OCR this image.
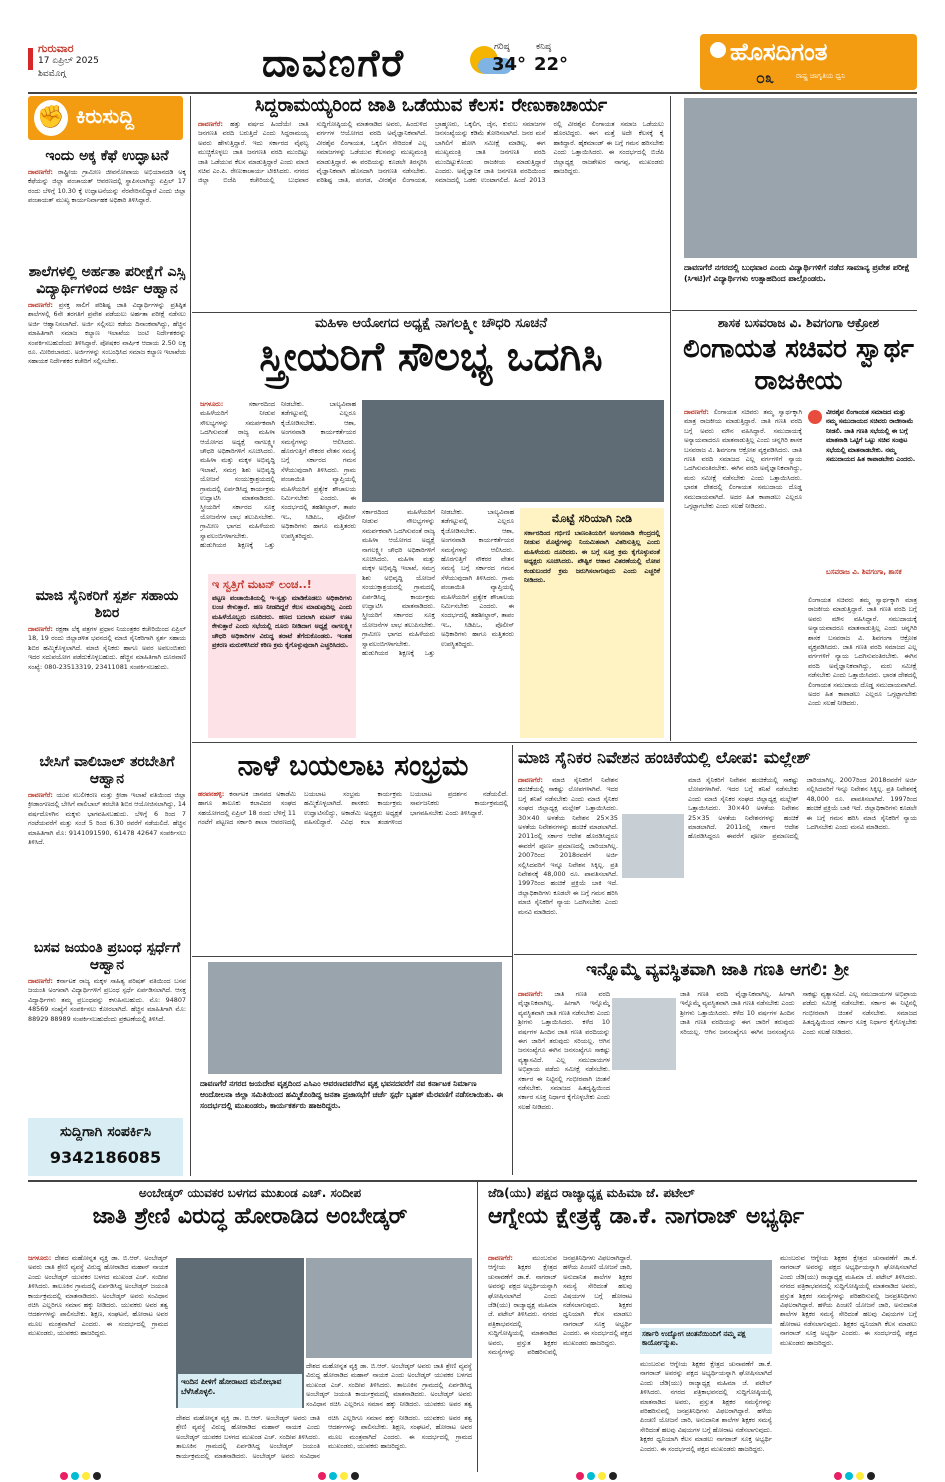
ಗುರುವಾರ
17 ಏಪ್ರಿಲ್ 2025
ಶಿವಮೊಗ್ಗ	ದಾವಣಗೆರೆ	ಗರಿಷ್ಠ
34°
ಕನಿಷ್ಠ
22°	ಹೊಸದಿಗಂತ
೦೩	ರಾಷ್ಟ್ರ ಜಾಗೃತಿಯ ಧ್ವನಿ
✊ ಕಿರುಸುದ್ದಿ
ಇಂದು ಅಕ್ಕ ಕೆಫೆ ಉದ್ಘಾಟನೆ
ದಾವಣಗೆರೆ: ರಾಷ್ಟ್ರೀಯ ಗ್ರಾಮೀಣ ಜೀವನೋಪಾಯ ಅಭಿಯಾನದಡಿ ಅಕ್ಕ ಕೆಫೆಯನ್ನು ಜಿಲ್ಲಾ ಪಂಚಾಯತ್ ಆವರಣದಲ್ಲಿ ಸ್ಥಾಪಿಸಲಾಗಿದ್ದು ಏಪ್ರಿಲ್ 17 ರಂದು ಬೆಳಿಗ್ಗೆ 10.30 ಕ್ಕೆ ಉದ್ಘಾಟನೆಯನ್ನು ನೆರವೇರಿಸಲಿದ್ದಾರೆ ಎಂದು ಜಿಲ್ಲಾ ಪಂಚಾಯತ್ ಮುಖ್ಯ ಕಾರ್ಯನಿರ್ವಾಹಕ ಅಧಿಕಾರಿ ತಿಳಿಸಿದ್ದಾರೆ.
ಶಾಲೆಗಳಲ್ಲಿ ಅರ್ಹತಾ ಪರೀಕ್ಷೆಗೆ ಎಸ್ಸಿ ವಿದ್ಯಾರ್ಥಿಗಳಿಂದ ಅರ್ಜಿ ಆಹ್ವಾನ
ದಾವಣಗೆರೆ: ಪ್ರಸಕ್ತ ಸಾಲಿಗೆ ಪರಿಶಿಷ್ಟ ಜಾತಿ ವಿದ್ಯಾರ್ಥಿಗಳನ್ನು ಪ್ರತಿಷ್ಠಿತ ಶಾಲೆಗಳಲ್ಲಿ 6ನೇ ತರಗತಿಗೆ ಪ್ರವೇಶ ಪಡೆಯಲು ಅರ್ಹತಾ ಪರೀಕ್ಷೆ ನಡೆಸಲು ಅರ್ಜಿ ಆಹ್ವಾನಿಸಲಾಗಿದೆ. ಅರ್ಜಿ ಸಲ್ಲಿಸಲು ಕಡೆಯ ದಿನಾಂಕವಾಗಿದ್ದು, ಹೆಚ್ಚಿನ ಮಾಹಿತಿಗಾಗಿ ಸಮಾಜ ಕಲ್ಯಾಣ ಇಲಾಖೆಯ ಜಂಟಿ ನಿರ್ದೇಶಕರನ್ನು ಸಂಪರ್ಕಿಸಬಹುದೆಂದು ತಿಳಿಸಿದ್ದಾರೆ. ಪೋಷಕರ ವಾರ್ಷಿಕ ಆದಾಯ 2.50 ಲಕ್ಷ ರೂ. ಮೀರಿರಬಾರದು. ಅರ್ಜಿಗಳನ್ನು ಸಂಬಂಧಿಸಿದ ಸಮಾಜ ಕಲ್ಯಾಣ ಇಲಾಖೆಯ ಸಹಾಯಕ ನಿರ್ದೇಶಕರ ಕಚೇರಿಗೆ ಸಲ್ಲಿಸಬೇಕು.
ಮಾಜಿ ಸೈನಿಕರಿಗೆ ಸ್ಪರ್ಶ ಸಹಾಯ ಶಿಬಿರ
ದಾವಣಗೆರೆ: ರಕ್ಷಣಾ ಲೆಕ್ಕ ಪತ್ರಗಳ ಪ್ರಧಾನ ನಿಯಂತ್ರಕರ ಕಚೇರಿಯಿಂದ ಏಪ್ರಿಲ್ 18, 19 ರಂದು ಜಿಲ್ಲಾಡಳಿತ ಭವನದಲ್ಲಿ ಮಾಜಿ ಸೈನಿಕರಿಗಾಗಿ ಸ್ಪರ್ಶ ಸಹಾಯ ಶಿಬಿರ ಹಮ್ಮಿಕೊಳ್ಳಲಾಗಿದೆ. ಮಾಜಿ ಸೈನಿಕರು ಹಾಗೂ ಅವರ ಅವಲಂಬಿತರು ಇದರ ಸದುಪಯೋಗ ಪಡೆದುಕೊಳ್ಳಬಹುದು. ಹೆಚ್ಚಿನ ಮಾಹಿತಿಗಾಗಿ ದೂರವಾಣಿ ಸಂಖ್ಯೆ: 080-23513319, 23411081 ಸಂಪರ್ಕಿಸಬಹುದು.
ಬೇಸಿಗೆ ವಾಲಿಬಾಲ್ ತರಬೇತಿಗೆ ಆಹ್ವಾನ
ದಾವಣಗೆರೆ: ಯುವ ಸಬಲೀಕರಣ ಮತ್ತು ಕ್ರೀಡಾ ಇಲಾಖೆ ವತಿಯಿಂದ ಜಿಲ್ಲಾ ಕ್ರೀಡಾಂಗಣದಲ್ಲಿ ಬೇಸಿಗೆ ವಾಲಿಬಾಲ್ ತರಬೇತಿ ಶಿಬಿರ ಆಯೋಜಿಸಲಾಗಿದ್ದು, 14 ವರ್ಷದೊಳಗಿನ ಮಕ್ಕಳು ಭಾಗವಹಿಸಬಹುದು. ಬೆಳಿಗ್ಗೆ 6 ರಿಂದ 7 ಗಂಟೆಯವರೆಗೆ ಮತ್ತು ಸಂಜೆ 5 ರಿಂದ 6.30 ರವರೆಗೆ ನಡೆಯಲಿದೆ. ಹೆಚ್ಚಿನ ಮಾಹಿತಿಗಾಗಿ ಮೊ: 9141091590, 61478 42647 ಸಂಪರ್ಕಿಸಲು ತಿಳಿಸಿದೆ.
ಬಸವ ಜಯಂತಿ ಪ್ರಬಂಧ ಸ್ಪರ್ಧೆಗೆ ಆಹ್ವಾನ
ದಾವಣಗೆರೆ: ಕರ್ನಾಟಕ ರಾಜ್ಯ ಮಕ್ಕಳ ಸಾಹಿತ್ಯ ಪರಿಷತ್ ವತಿಯಿಂದ ಬಸವ ಜಯಂತಿ ಅಂಗವಾಗಿ ವಿದ್ಯಾರ್ಥಿಗಳಿಗೆ ಪ್ರಬಂಧ ಸ್ಪರ್ಧೆ ಏರ್ಪಡಿಸಲಾಗಿದೆ. ಆಸಕ್ತ ವಿದ್ಯಾರ್ಥಿಗಳು ತಮ್ಮ ಪ್ರಬಂಧವನ್ನು ಕಳುಹಿಸಬಹುದು. ಮೊ: 94807 48569 ಸಂಖ್ಯೆಗೆ ಸಂಪರ್ಕಿಸಲು ಕೋರಲಾಗಿದೆ. ಹೆಚ್ಚಿನ ಮಾಹಿತಿಗಾಗಿ ಮೊ: 88929 88989 ಸಂಪರ್ಕಿಸಬಹುದೆಂದು ಪ್ರಕಟಣೆಯಲ್ಲಿ ತಿಳಿಸಿದೆ.
ಸುದ್ದಿಗಾಗಿ ಸಂಪರ್ಕಿಸಿ
9342186085
ಸಿದ್ದರಾಮಯ್ಯರಿಂದ ಜಾತಿ ಒಡೆಯುವ ಕೆಲಸ: ರೇಣುಕಾಚಾರ್ಯ
ದಾವಣಗೆರೆ: ಹತ್ತು ವರ್ಷದ ಹಿಂದೆಯೇ ಜಾತಿ ಜನಗಣತಿ ವರದಿ ಬರುತ್ತಿದೆ ಎಂದು ಸಿದ್ದರಾಮಯ್ಯ ಅವರು ಹೇಳುತ್ತಿದ್ದಾರೆ. ಇದು ಸರ್ಕಾರದ ವೈಫಲ್ಯ ಮುಚ್ಚಿಕೊಳ್ಳಲು ಜಾತಿ ಜನಗಣತಿ ವರದಿ ಮುಂದಿಟ್ಟು ಜಾತಿ ಒಡೆಯುವ ಕೆಲಸ ಮಾಡುತ್ತಿದ್ದಾರೆ ಎಂದು ಮಾಜಿ ಸಚಿವ ಎಂ.ಪಿ. ರೇಣುಕಾಚಾರ್ಯ ಟೀಕಿಸಿದರು. ನಗರದ ಜಿಲ್ಲಾ ಬಿಜೆಪಿ ಕಚೇರಿಯಲ್ಲಿ ಬುಧವಾರ ಸುದ್ದಿಗೋಷ್ಠಿಯಲ್ಲಿ ಮಾತನಾಡಿದ ಅವರು, ಹಿಂದುಳಿದ ವರ್ಗಗಳ ಆಯೋಗದ ವರದಿ ಅವೈಜ್ಞಾನಿಕವಾಗಿದೆ. ವೀರಶೈವ ಲಿಂಗಾಯತ, ಒಕ್ಕಲಿಗ ಸೇರಿದಂತೆ ಎಲ್ಲ ಸಮಾಜಗಳನ್ನು ಒಡೆಯುವ ಕೆಲಸವನ್ನು ಮುಖ್ಯಮಂತ್ರಿ ಮಾಡುತ್ತಿದ್ದಾರೆ. ಈ ವರದಿಯನ್ನು ಕೂಡಲೇ ತಿರಸ್ಕರಿಸಿ ವೈಜ್ಞಾನಿಕವಾಗಿ ಹೊಸದಾಗಿ ಜನಗಣತಿ ನಡೆಸಬೇಕು. ಪರಿಶಿಷ್ಟ ಜಾತಿ, ಪಂಗಡ, ವೀರಶೈವ ಲಿಂಗಾಯತ, ಬ್ರಾಹ್ಮಣರು, ಒಕ್ಕಲಿಗ, ಜೈನ, ಕುರುಬ ಸಮಾಜಗಳ ಜನಸಂಖ್ಯೆಯನ್ನು ಕಡಿಮೆ ತೋರಿಸಲಾಗಿದೆ. ಜನರ ಮನೆ ಬಾಗಿಲಿಗೆ ಹೋಗಿ ಸಮೀಕ್ಷೆ ಮಾಡಿಲ್ಲ. ಈಗ ಮುಖ್ಯಮಂತ್ರಿ ಜಾತಿ ಜನಗಣತಿ ವರದಿ ಮುಂದಿಟ್ಟುಕೊಂಡು ರಾಜಕೀಯ ಮಾಡುತ್ತಿದ್ದಾರೆ ಎಂದರು. ಅವೈಜ್ಞಾನಿಕ ಜಾತಿ ಜನಗಣತಿ ವರದಿಯಿಂದ ಸಮಾಜದಲ್ಲಿ ಒಡಕು ಉಂಟಾಗಲಿದೆ. ಹಿಂದೆ 2013 ರಲ್ಲಿ ವೀರಶೈವ ಲಿಂಗಾಯತ ಸಮಾಜ ಒಡೆಯಲು ಹೊರಟಿದ್ದರು. ಈಗ ಮತ್ತೆ ಅದೇ ಕೆಲಸಕ್ಕೆ ಕೈ ಹಾಕಿದ್ದಾರೆ. ಹೈಕಮಾಂಡ್ ಈ ಬಗ್ಗೆ ಗಮನ ಹರಿಸಬೇಕು ಎಂದು ಒತ್ತಾಯಿಸಿದರು. ಈ ಸಂದರ್ಭದಲ್ಲಿ ಬಿಜೆಪಿ ಜಿಲ್ಲಾಧ್ಯಕ್ಷ ರಾಜಶೇಖರ ನಾಗಪ್ಪ, ಮುಖಂಡರು ಹಾಜರಿದ್ದರು.
ದಾವಣಗೆರೆ ನಗರದಲ್ಲಿ ಬುಧವಾರ ಎಂದು ವಿದ್ಯಾರ್ಥಿಗಳಿಗೆ ನಡೆದ ಸಾಮಾನ್ಯ ಪ್ರವೇಶ ಪರೀಕ್ಷೆ (ಸಿಇಟಿ)ಗೆ ವಿದ್ಯಾರ್ಥಿಗಳು ಉತ್ಸಾಹದಿಂದ ಪಾಲ್ಗೊಂಡರು.
ಮಹಿಳಾ ಆಯೋಗದ ಅಧ್ಯಕ್ಷೆ ನಾಗಲಕ್ಷ್ಮೀ ಚೌಧರಿ ಸೂಚನೆ
ಸ್ತ್ರೀಯರಿಗೆ ಸೌಲಭ್ಯ ಒದಗಿಸಿ
ಜಗಳೂರು:	ಸರ್ಕಾರದಿಂದ ಮಹಿಳೆಯರಿಗೆ ನೀಡುವ ಸೌಲಭ್ಯಗಳನ್ನು ಸಮರ್ಪಕವಾಗಿ ಒದಗಿಸುವಂತೆ ರಾಜ್ಯ ಮಹಿಳಾ ಆಯೋಗದ ಅಧ್ಯಕ್ಷೆ ನಾಗಲಕ್ಷ್ಮೀ ಚೌಧರಿ ಅಧಿಕಾರಿಗಳಿಗೆ ಸೂಚಿಸಿದರು. ಮಹಿಳಾ ಮತ್ತು ಮಕ್ಕಳ ಅಭಿವೃದ್ಧಿ ಇಲಾಖೆ, ಸಮಗ್ರ ಶಿಶು ಅಭಿವೃದ್ಧಿ ಯೋಜನೆ ಸಂಯುಕ್ತಾಶ್ರಯದಲ್ಲಿ ಗ್ರಾಮದಲ್ಲಿ ಏರ್ಪಡಿಸಿದ್ದ ಕಾರ್ಯಕ್ರಮ ಉದ್ಘಾಟಿಸಿ ಮಾತನಾಡಿದರು. ಸ್ತ್ರೀಯರಿಗೆ ಸರ್ಕಾರದ ಸೂಕ್ತ ಯೋಜನೆಗಳ ಲಾಭ ತಲುಪಿಸಬೇಕು. ಗ್ರಾಮೀಣ ಭಾಗದ ಮಹಿಳೆಯರು ಸ್ವಾವಲಂಬಿಗಳಾಗಬೇಕು. ಹುಡುಗಿಯರ ಶಿಕ್ಷಣಕ್ಕೆ ಒತ್ತು ನೀಡಬೇಕು. ಬಾಲ್ಯವಿವಾಹ ತಡೆಗಟ್ಟುವಲ್ಲಿ ಎಲ್ಲರೂ ಕೈಜೋಡಿಸಬೇಕು. ಆಶಾ, ಅಂಗನವಾಡಿ ಕಾರ್ಯಕರ್ತೆಯರ ಸಮಸ್ಯೆಗಳನ್ನು ಆಲಿಸಿದರು. ಹೊರಗುತ್ತಿಗೆ ನೌಕರರ ವೇತನ ಸಮಸ್ಯೆ ಬಗ್ಗೆ ಸರ್ಕಾರದ ಗಮನ ಸೆಳೆಯುವುದಾಗಿ ತಿಳಿಸಿದರು. ಗ್ರಾಮ ಪಂಚಾಯಿತಿ ವ್ಯಾಪ್ತಿಯಲ್ಲಿ ಮಹಿಳೆಯರಿಗೆ ಪ್ರತ್ಯೇಕ ಶೌಚಾಲಯ ನಿರ್ಮಿಸಬೇಕು ಎಂದರು. ಈ ಸಂದರ್ಭದಲ್ಲಿ ತಹಶೀಲ್ದಾರ್, ತಾಪಂ ಇಒ, ಸಿಡಿಪಿಒ, ಪೊಲೀಸ್ ಅಧಿಕಾರಿಗಳು ಹಾಗೂ ಮತ್ತಿತರರು ಉಪಸ್ಥಿತರಿದ್ದರು.
ಇ ಸ್ವತ್ತಿಗೆ ಮಟನ್ ಲಂಚ..!
ಪಟ್ಟಣ ಪಂಚಾಯಿತಿಯಲ್ಲಿ ಇ-ಸ್ವತ್ತು ಮಾಡಿಕೊಡಲು ಅಧಿಕಾರಿಗಳು ಲಂಚ ಕೇಳುತ್ತಾರೆ. ಹಣ ನೀಡದಿದ್ದರೆ ಕೆಲಸ ಮಾಡುವುದಿಲ್ಲ ಎಂದು ಮಹಿಳೆಯೊಬ್ಬರು ದೂರಿದರು. ಹಣದ ಬದಲಾಗಿ ಮಟನ್ ಊಟ ಕೇಳುತ್ತಾರೆ ಎಂದು ಸಭೆಯಲ್ಲಿ ದೂರು ನೀಡಿದಾಗ ಅಧ್ಯಕ್ಷೆ ನಾಗಲಕ್ಷ್ಮೀ ಚೌಧರಿ ಅಧಿಕಾರಿಗಳ ವಿರುದ್ಧ ತರಾಟೆ ತೆಗೆದುಕೊಂಡರು. ಇಂತಹ ಪ್ರಕರಣ ಮರುಕಳಿಸಿದರೆ ಕಠಿಣ ಕ್ರಮ ಕೈಗೊಳ್ಳುವುದಾಗಿ ಎಚ್ಚರಿಸಿದರು.
ಮೊಟ್ಟೆ ಸರಿಯಾಗಿ ನೀಡಿ
ಸರ್ಕಾರದಿಂದ ಗರ್ಭಿಣಿ ಬಾಣಂತಿಯರಿಗೆ ಅಂಗನವಾಡಿ ಕೇಂದ್ರದಲ್ಲಿ ನೀಡುವ ಮೊಟ್ಟೆಗಳನ್ನು ನಿಯಮಿತವಾಗಿ ವಿತರಿಸುತ್ತಿಲ್ಲ ಎಂದು ಮಹಿಳೆಯರು ದೂರಿದರು. ಈ ಬಗ್ಗೆ ಸೂಕ್ತ ಕ್ರಮ ಕೈಗೊಳ್ಳುವಂತೆ ಅಧ್ಯಕ್ಷರು ಸೂಚಿಸಿದರು. ಪೌಷ್ಟಿಕ ಆಹಾರ ವಿತರಣೆಯಲ್ಲಿ ಲೋಪ ಕಂಡುಬಂದರೆ ಕ್ರಮ ಜರುಗಿಸಲಾಗುವುದು ಎಂದು ಎಚ್ಚರಿಕೆ ನೀಡಿದರು.
ಸರ್ಕಾರದಿಂದ ಮಹಿಳೆಯರಿಗೆ ನೀಡುವ ಸೌಲಭ್ಯಗಳನ್ನು ಸಮರ್ಪಕವಾಗಿ ಒದಗಿಸುವಂತೆ ರಾಜ್ಯ ಮಹಿಳಾ ಆಯೋಗದ ಅಧ್ಯಕ್ಷೆ ನಾಗಲಕ್ಷ್ಮೀ ಚೌಧರಿ ಅಧಿಕಾರಿಗಳಿಗೆ ಸೂಚಿಸಿದರು. ಮಹಿಳಾ ಮತ್ತು ಮಕ್ಕಳ ಅಭಿವೃದ್ಧಿ ಇಲಾಖೆ, ಸಮಗ್ರ ಶಿಶು ಅಭಿವೃದ್ಧಿ ಯೋಜನೆ ಸಂಯುಕ್ತಾಶ್ರಯದಲ್ಲಿ ಗ್ರಾಮದಲ್ಲಿ ಏರ್ಪಡಿಸಿದ್ದ ಕಾರ್ಯಕ್ರಮ ಉದ್ಘಾಟಿಸಿ ಮಾತನಾಡಿದರು. ಸ್ತ್ರೀಯರಿಗೆ ಸರ್ಕಾರದ ಸೂಕ್ತ ಯೋಜನೆಗಳ ಲಾಭ ತಲುಪಿಸಬೇಕು. ಗ್ರಾಮೀಣ ಭಾಗದ ಮಹಿಳೆಯರು ಸ್ವಾವಲಂಬಿಗಳಾಗಬೇಕು. ಹುಡುಗಿಯರ ಶಿಕ್ಷಣಕ್ಕೆ ಒತ್ತು ನೀಡಬೇಕು. ಬಾಲ್ಯವಿವಾಹ ತಡೆಗಟ್ಟುವಲ್ಲಿ ಎಲ್ಲರೂ ಕೈಜೋಡಿಸಬೇಕು. ಆಶಾ, ಅಂಗನವಾಡಿ ಕಾರ್ಯಕರ್ತೆಯರ ಸಮಸ್ಯೆಗಳನ್ನು ಆಲಿಸಿದರು. ಹೊರಗುತ್ತಿಗೆ ನೌಕರರ ವೇತನ ಸಮಸ್ಯೆ ಬಗ್ಗೆ ಸರ್ಕಾರದ ಗಮನ ಸೆಳೆಯುವುದಾಗಿ ತಿಳಿಸಿದರು. ಗ್ರಾಮ ಪಂಚಾಯಿತಿ ವ್ಯಾಪ್ತಿಯಲ್ಲಿ ಮಹಿಳೆಯರಿಗೆ ಪ್ರತ್ಯೇಕ ಶೌಚಾಲಯ ನಿರ್ಮಿಸಬೇಕು ಎಂದರು. ಈ ಸಂದರ್ಭದಲ್ಲಿ ತಹಶೀಲ್ದಾರ್, ತಾಪಂ ಇಒ, ಸಿಡಿಪಿಒ, ಪೊಲೀಸ್ ಅಧಿಕಾರಿಗಳು ಹಾಗೂ ಮತ್ತಿತರರು ಉಪಸ್ಥಿತರಿದ್ದರು.
ಶಾಸಕ ಬಸವರಾಜ ವಿ. ಶಿವಗಂಗಾ ಆಕ್ರೋಶ
ಲಿಂಗಾಯತ ಸಚಿವರ ಸ್ವಾರ್ಥ ರಾಜಕೀಯ
ದಾವಣಗೆರೆ: ಲಿಂಗಾಯತ ಸಚಿವರು ತಮ್ಮ ಸ್ವಾರ್ಥಕ್ಕಾಗಿ ಮಾತ್ರ ರಾಜಕೀಯ ಮಾಡುತ್ತಿದ್ದಾರೆ. ಜಾತಿ ಗಣತಿ ವರದಿ ಬಗ್ಗೆ ಅವರು ಮೌನ ವಹಿಸಿದ್ದಾರೆ. ಸಮುದಾಯಕ್ಕೆ ಅನ್ಯಾಯವಾದರೂ ಮಾತನಾಡುತ್ತಿಲ್ಲ ಎಂದು ಚನ್ನಗಿರಿ ಶಾಸಕ ಬಸವರಾಜ ವಿ. ಶಿವಗಂಗಾ ಆಕ್ರೋಶ ವ್ಯಕ್ತಪಡಿಸಿದರು. ಜಾತಿ ಗಣತಿ ವರದಿ ಸಮಾಜದ ಎಲ್ಲ ವರ್ಗಗಳಿಗೆ ನ್ಯಾಯ ಒದಗಿಸುವಂತಿರಬೇಕು. ಈಗಿನ ವರದಿ ಅವೈಜ್ಞಾನಿಕವಾಗಿದ್ದು, ಮರು ಸಮೀಕ್ಷೆ ನಡೆಸಬೇಕು ಎಂದು ಒತ್ತಾಯಿಸಿದರು. ಭಾರತ ದೇಶದಲ್ಲಿ ಲಿಂಗಾಯತ ಸಮುದಾಯ ದೊಡ್ಡ ಸಮುದಾಯವಾಗಿದೆ. ಅದರ ಹಿತ ಕಾಪಾಡಲು ಎಲ್ಲರೂ ಒಗ್ಗಟ್ಟಾಗಬೇಕು ಎಂದು ಸಲಹೆ ನೀಡಿದರು.
ವೀರಶೈವ ಲಿಂಗಾಯತ ಸಮಾಜದ ಮತ್ತು ನಮ್ಮ ಸಮುದಾಯದ ಸಚಿವರು ರಾಜೀನಾಮೆ ನೀಡಲಿ. ಜಾತಿ ಗಣತಿ ಸಭೆಯಲ್ಲಿ ಈ ಬಗ್ಗೆ ಮಾತನಾಡಿ ಒಟ್ಟಿಗೆ ಒಟ್ಟು ಸಚಿವ ಸಂಪುಟ ಸಭೆಯಲ್ಲಿ ಮಾತನಾಡಬೇಕು. ನಮ್ಮ ಸಮುದಾಯದ ಹಿತ ಕಾಪಾಡಬೇಕು ಎಂದರು.
ಬಸವರಾಜ ವಿ. ಶಿವಗಂಗಾ, ಶಾಸಕ
ಲಿಂಗಾಯತ ಸಚಿವರು ತಮ್ಮ ಸ್ವಾರ್ಥಕ್ಕಾಗಿ ಮಾತ್ರ ರಾಜಕೀಯ ಮಾಡುತ್ತಿದ್ದಾರೆ. ಜಾತಿ ಗಣತಿ ವರದಿ ಬಗ್ಗೆ ಅವರು ಮೌನ ವಹಿಸಿದ್ದಾರೆ. ಸಮುದಾಯಕ್ಕೆ ಅನ್ಯಾಯವಾದರೂ ಮಾತನಾಡುತ್ತಿಲ್ಲ ಎಂದು ಚನ್ನಗಿರಿ ಶಾಸಕ ಬಸವರಾಜ ವಿ. ಶಿವಗಂಗಾ ಆಕ್ರೋಶ ವ್ಯಕ್ತಪಡಿಸಿದರು. ಜಾತಿ ಗಣತಿ ವರದಿ ಸಮಾಜದ ಎಲ್ಲ ವರ್ಗಗಳಿಗೆ ನ್ಯಾಯ ಒದಗಿಸುವಂತಿರಬೇಕು. ಈಗಿನ ವರದಿ ಅವೈಜ್ಞಾನಿಕವಾಗಿದ್ದು, ಮರು ಸಮೀಕ್ಷೆ ನಡೆಸಬೇಕು ಎಂದು ಒತ್ತಾಯಿಸಿದರು. ಭಾರತ ದೇಶದಲ್ಲಿ ಲಿಂಗಾಯತ ಸಮುದಾಯ ದೊಡ್ಡ ಸಮುದಾಯವಾಗಿದೆ. ಅದರ ಹಿತ ಕಾಪಾಡಲು ಎಲ್ಲರೂ ಒಗ್ಗಟ್ಟಾಗಬೇಕು ಎಂದು ಸಲಹೆ ನೀಡಿದರು.
ನಾಳೆ ಬಯಲಾಟ ಸಂಭ್ರಮ
ಹರಪನಹಳ್ಳಿ: ಕರ್ನಾಟಕ ಜಾನಪದ ಅಕಾಡೆಮಿ ಹಾಗೂ ತಾಲೂಕು ಕಲಾವಿದರ ಸಂಘದ ಸಹಯೋಗದಲ್ಲಿ ಏಪ್ರಿಲ್ 18 ರಂದು ಬೆಳಿಗ್ಗೆ 11 ಗಂಟೆಗೆ ಪಟ್ಟಣದ ಸರ್ಕಾರಿ ಶಾಲಾ ಆವರಣದಲ್ಲಿ ಬಯಲಾಟ ಸಂಭ್ರಮ ಕಾರ್ಯಕ್ರಮ ಹಮ್ಮಿಕೊಳ್ಳಲಾಗಿದೆ. ಶಾಸಕರು ಕಾರ್ಯಕ್ರಮ ಉದ್ಘಾಟಿಸಲಿದ್ದು, ಅಕಾಡೆಮಿ ಅಧ್ಯಕ್ಷರು ಅಧ್ಯಕ್ಷತೆ ವಹಿಸಲಿದ್ದಾರೆ. ವಿವಿಧ ಕಲಾ ತಂಡಗಳಿಂದ ಬಯಲಾಟ ಪ್ರದರ್ಶನ ನಡೆಯಲಿದೆ. ಸಾರ್ವಜನಿಕರು ಕಾರ್ಯಕ್ರಮದಲ್ಲಿ ಭಾಗವಹಿಸಬೇಕು ಎಂದು ತಿಳಿಸಿದ್ದಾರೆ.
ಮಾಜಿ ಸೈನಿಕರ ನಿವೇಶನ ಹಂಚಿಕೆಯಲ್ಲಿ ಲೋಪ: ಮಲ್ಲೇಶ್
ದಾವಣಗೆರೆ: ಮಾಜಿ ಸೈನಿಕರಿಗೆ ನಿವೇಶನ ಹಂಚಿಕೆಯಲ್ಲಿ ಸಾಕಷ್ಟು ಲೋಪಗಳಾಗಿವೆ. ಇದರ ಬಗ್ಗೆ ತನಿಖೆ ನಡೆಸಬೇಕು ಎಂದು ಮಾಜಿ ಸೈನಿಕರ ಸಂಘದ ಜಿಲ್ಲಾಧ್ಯಕ್ಷ ಮಲ್ಲೇಶ್ ಒತ್ತಾಯಿಸಿದರು. 30×40 ಅಳತೆಯ ನಿವೇಶನ 25×35 ಅಳತೆಯ ನಿವೇಶನಗಳನ್ನು ಹಂಚಿಕೆ ಮಾಡಲಾಗಿದೆ. 2011ರಲ್ಲಿ ಸರ್ಕಾರ ಆದೇಶ ಹೊರಡಿಸಿದ್ದರೂ ಈವರೆಗೆ ಪೂರ್ಣ ಪ್ರಮಾಣದಲ್ಲಿ ಜಾರಿಯಾಗಿಲ್ಲ. 2007ರಿಂದ 2018ರವರೆಗೆ ಅರ್ಜಿ ಸಲ್ಲಿಸಿದವರಿಗೆ ಇನ್ನೂ ನಿವೇಶನ ಸಿಕ್ಕಿಲ್ಲ. ಪ್ರತಿ ನಿವೇಶನಕ್ಕೆ 48,000 ರೂ. ಪಾವತಿಸಲಾಗಿದೆ. 1997ರಿಂದ ಹಂಚಿಕೆ ಪ್ರಕ್ರಿಯೆ ಬಾಕಿ ಇದೆ. ಜಿಲ್ಲಾಧಿಕಾರಿಗಳು ಕೂಡಲೇ ಈ ಬಗ್ಗೆ ಗಮನ ಹರಿಸಿ ಮಾಜಿ ಸೈನಿಕರಿಗೆ ನ್ಯಾಯ ಒದಗಿಸಬೇಕು ಎಂದು ಮನವಿ ಮಾಡಿದರು.
ಮಾಜಿ ಸೈನಿಕರಿಗೆ ನಿವೇಶನ ಹಂಚಿಕೆಯಲ್ಲಿ ಸಾಕಷ್ಟು ಲೋಪಗಳಾಗಿವೆ. ಇದರ ಬಗ್ಗೆ ತನಿಖೆ ನಡೆಸಬೇಕು ಎಂದು ಮಾಜಿ ಸೈನಿಕರ ಸಂಘದ ಜಿಲ್ಲಾಧ್ಯಕ್ಷ ಮಲ್ಲೇಶ್ ಒತ್ತಾಯಿಸಿದರು. 30×40 ಅಳತೆಯ ನಿವೇಶನ 25×35 ಅಳತೆಯ ನಿವೇಶನಗಳನ್ನು ಹಂಚಿಕೆ ಮಾಡಲಾಗಿದೆ. 2011ರಲ್ಲಿ ಸರ್ಕಾರ ಆದೇಶ ಹೊರಡಿಸಿದ್ದರೂ ಈವರೆಗೆ ಪೂರ್ಣ ಪ್ರಮಾಣದಲ್ಲಿ ಜಾರಿಯಾಗಿಲ್ಲ. 2007ರಿಂದ 2018ರವರೆಗೆ ಅರ್ಜಿ ಸಲ್ಲಿಸಿದವರಿಗೆ ಇನ್ನೂ ನಿವೇಶನ ಸಿಕ್ಕಿಲ್ಲ. ಪ್ರತಿ ನಿವೇಶನಕ್ಕೆ 48,000 ರೂ. ಪಾವತಿಸಲಾಗಿದೆ. 1997ರಿಂದ ಹಂಚಿಕೆ ಪ್ರಕ್ರಿಯೆ ಬಾಕಿ ಇದೆ. ಜಿಲ್ಲಾಧಿಕಾರಿಗಳು ಕೂಡಲೇ ಈ ಬಗ್ಗೆ ಗಮನ ಹರಿಸಿ ಮಾಜಿ ಸೈನಿಕರಿಗೆ ನ್ಯಾಯ ಒದಗಿಸಬೇಕು ಎಂದು ಮನವಿ ಮಾಡಿದರು.
ದಾವಣಗೆರೆ ನಗರದ ಜಯದೇವ ವೃತ್ತದಿಂದ ಎಸಿಎಂ ಆವರಣದವರೆಗಿನ ವೃತ್ತ ಭವನದವರೆಗೆ ನವ ಕರ್ನಾಟಕ ನಿರ್ಮಾಣ ಆಂದೋಲನಾ ಜಿಲ್ಲಾ ಸಮಿತಿಯಿಂದ ಹಮ್ಮಿಕೊಂಡಿದ್ದ ಜನತಾ ಪ್ರಜಾಸಭೆಗೆ ಚರ್ಚೆ ಸ್ಪರ್ಧೆ ಬೃಹತ್ ಮೆರವಣಿಗೆ ನಡೆಸಲಾಯಿತು. ಈ ಸಂದರ್ಭದಲ್ಲಿ ಮುಖಂಡರು, ಕಾರ್ಯಕರ್ತರು ಹಾಜರಿದ್ದರು.
ಇನ್ನೊಮ್ಮೆ ವ್ಯವಸ್ಥಿತವಾಗಿ ಜಾತಿ ಗಣತಿ ಆಗಲಿ: ಶ್ರೀ
ದಾವಣಗೆರೆ: ಜಾತಿ ಗಣತಿ ವರದಿ ವೈಜ್ಞಾನಿಕವಾಗಿಲ್ಲ. ಹೀಗಾಗಿ ಇನ್ನೊಮ್ಮೆ ವ್ಯವಸ್ಥಿತವಾಗಿ ಜಾತಿ ಗಣತಿ ನಡೆಸಬೇಕು ಎಂದು ಶ್ರೀಗಳು ಒತ್ತಾಯಿಸಿದರು. ಕಳೆದ 10 ವರ್ಷಗಳ ಹಿಂದಿನ ಜಾತಿ ಗಣತಿ ವರದಿಯನ್ನು ಈಗ ಜಾರಿಗೆ ತರುವುದು ಸರಿಯಲ್ಲ. ಆಗಿನ ಜನಸಂಖ್ಯೆಗೂ ಈಗಿನ ಜನಸಂಖ್ಯೆಗೂ ಸಾಕಷ್ಟು ವ್ಯತ್ಯಾಸವಿದೆ. ಎಲ್ಲ ಸಮುದಾಯಗಳ ಅಭಿಪ್ರಾಯ ಪಡೆದು ಸಮೀಕ್ಷೆ ನಡೆಸಬೇಕು. ಸರ್ಕಾರ ಈ ನಿಟ್ಟಿನಲ್ಲಿ ಗಂಭೀರವಾಗಿ ಚಿಂತನೆ ನಡೆಸಬೇಕು. ಸಮಾಜದ ಹಿತದೃಷ್ಟಿಯಿಂದ ಸರ್ಕಾರ ಸೂಕ್ತ ನಿರ್ಧಾರ ಕೈಗೊಳ್ಳಬೇಕು ಎಂದು ಸಲಹೆ ನೀಡಿದರು.
ಜಾತಿ ಗಣತಿ ವರದಿ ವೈಜ್ಞಾನಿಕವಾಗಿಲ್ಲ. ಹೀಗಾಗಿ ಇನ್ನೊಮ್ಮೆ ವ್ಯವಸ್ಥಿತವಾಗಿ ಜಾತಿ ಗಣತಿ ನಡೆಸಬೇಕು ಎಂದು ಶ್ರೀಗಳು ಒತ್ತಾಯಿಸಿದರು. ಕಳೆದ 10 ವರ್ಷಗಳ ಹಿಂದಿನ ಜಾತಿ ಗಣತಿ ವರದಿಯನ್ನು ಈಗ ಜಾರಿಗೆ ತರುವುದು ಸರಿಯಲ್ಲ. ಆಗಿನ ಜನಸಂಖ್ಯೆಗೂ ಈಗಿನ ಜನಸಂಖ್ಯೆಗೂ ಸಾಕಷ್ಟು ವ್ಯತ್ಯಾಸವಿದೆ. ಎಲ್ಲ ಸಮುದಾಯಗಳ ಅಭಿಪ್ರಾಯ ಪಡೆದು ಸಮೀಕ್ಷೆ ನಡೆಸಬೇಕು. ಸರ್ಕಾರ ಈ ನಿಟ್ಟಿನಲ್ಲಿ ಗಂಭೀರವಾಗಿ ಚಿಂತನೆ ನಡೆಸಬೇಕು. ಸಮಾಜದ ಹಿತದೃಷ್ಟಿಯಿಂದ ಸರ್ಕಾರ ಸೂಕ್ತ ನಿರ್ಧಾರ ಕೈಗೊಳ್ಳಬೇಕು ಎಂದು ಸಲಹೆ ನೀಡಿದರು.
ಅಂಬೇಡ್ಕರ್ ಯುವಕರ ಬಳಗದ ಮುಖಂಡ ಎಚ್. ಸಂದೀಪ
ಜಾತಿ ಶ್ರೇಣಿ ವಿರುದ್ಧ ಹೋರಾಡಿದ ಅಂಬೇಡ್ಕರ್
ಜಗಳೂರು: ದೇಶದ ಮಹೋನ್ನತ ವ್ಯಕ್ತಿ ಡಾ. ಬಿ.ಆರ್. ಅಂಬೇಡ್ಕರ್ ಅವರು ಜಾತಿ ಶ್ರೇಣಿ ವ್ಯವಸ್ಥೆ ವಿರುದ್ಧ ಹೋರಾಡಿದ ಮಹಾನ್ ನಾಯಕ ಎಂದು ಅಂಬೇಡ್ಕರ್ ಯುವಕರ ಬಳಗದ ಮುಖಂಡ ಎಚ್. ಸಂದೀಪ ತಿಳಿಸಿದರು. ತಾಲೂಕಿನ ಗ್ರಾಮದಲ್ಲಿ ಏರ್ಪಡಿಸಿದ್ದ ಅಂಬೇಡ್ಕರ್ ಜಯಂತಿ ಕಾರ್ಯಕ್ರಮದಲ್ಲಿ ಮಾತನಾಡಿದರು. ಅಂಬೇಡ್ಕರ್ ಅವರು ಸಂವಿಧಾನ ರಚಿಸಿ ಎಲ್ಲರಿಗೂ ಸಮಾನ ಹಕ್ಕು ನೀಡಿದರು. ಯುವಕರು ಅವರ ತತ್ವ ಆದರ್ಶಗಳನ್ನು ಪಾಲಿಸಬೇಕು. ಶಿಕ್ಷಣ, ಸಂಘಟನೆ, ಹೋರಾಟ ಅವರ ಮೂಲ ಮಂತ್ರವಾಗಿದೆ ಎಂದರು. ಈ ಸಂದರ್ಭದಲ್ಲಿ ಗ್ರಾಮದ ಮುಖಂಡರು, ಯುವಕರು ಹಾಜರಿದ್ದರು.
ಇಂದಿನ ಪೀಳಿಗೆ ಹೋರಾಟದ ಮನೋಭಾವ ಬೆಳೆಸಿಕೊಳ್ಳಲಿ.
ದೇಶದ ಮಹೋನ್ನತ ವ್ಯಕ್ತಿ ಡಾ. ಬಿ.ಆರ್. ಅಂಬೇಡ್ಕರ್ ಅವರು ಜಾತಿ ಶ್ರೇಣಿ ವ್ಯವಸ್ಥೆ ವಿರುದ್ಧ ಹೋರಾಡಿದ ಮಹಾನ್ ನಾಯಕ ಎಂದು ಅಂಬೇಡ್ಕರ್ ಯುವಕರ ಬಳಗದ ಮುಖಂಡ ಎಚ್. ಸಂದೀಪ ತಿಳಿಸಿದರು. ತಾಲೂಕಿನ ಗ್ರಾಮದಲ್ಲಿ ಏರ್ಪಡಿಸಿದ್ದ ಅಂಬೇಡ್ಕರ್ ಜಯಂತಿ ಕಾರ್ಯಕ್ರಮದಲ್ಲಿ ಮಾತನಾಡಿದರು. ಅಂಬೇಡ್ಕರ್ ಅವರು ಸಂವಿಧಾನ ರಚಿಸಿ ಎಲ್ಲರಿಗೂ ಸಮಾನ ಹಕ್ಕು ನೀಡಿದರು. ಯುವಕರು ಅವರ ತತ್ವ ಆದರ್ಶಗಳನ್ನು ಪಾಲಿಸಬೇಕು. ಶಿಕ್ಷಣ, ಸಂಘಟನೆ, ಹೋರಾಟ ಅವರ ಮೂಲ ಮಂತ್ರವಾಗಿದೆ ಎಂದರು. ಈ ಸಂದರ್ಭದಲ್ಲಿ ಗ್ರಾಮದ ಮುಖಂಡರು, ಯುವಕರು ಹಾಜರಿದ್ದರು.
ದೇಶದ ಮಹೋನ್ನತ ವ್ಯಕ್ತಿ ಡಾ. ಬಿ.ಆರ್. ಅಂಬೇಡ್ಕರ್ ಅವರು ಜಾತಿ ಶ್ರೇಣಿ ವ್ಯವಸ್ಥೆ ವಿರುದ್ಧ ಹೋರಾಡಿದ ಮಹಾನ್ ನಾಯಕ ಎಂದು ಅಂಬೇಡ್ಕರ್ ಯುವಕರ ಬಳಗದ ಮುಖಂಡ ಎಚ್. ಸಂದೀಪ ತಿಳಿಸಿದರು. ತಾಲೂಕಿನ ಗ್ರಾಮದಲ್ಲಿ ಏರ್ಪಡಿಸಿದ್ದ ಅಂಬೇಡ್ಕರ್ ಜಯಂತಿ ಕಾರ್ಯಕ್ರಮದಲ್ಲಿ ಮಾತನಾಡಿದರು. ಅಂಬೇಡ್ಕರ್ ಅವರು ಸಂವಿಧಾನ ರಚಿಸಿ ಎಲ್ಲರಿಗೂ ಸಮಾನ ಹಕ್ಕು ನೀಡಿದರು. ಯುವಕರು ಅವರ ತತ್ವ
ಜೆಡಿ(ಯು) ಪಕ್ಷದ ರಾಜ್ಯಾಧ್ಯಕ್ಷ ಮಹಿಮಾ ಜೆ. ಪಟೇಲ್
ಆಗ್ನೇಯ ಕ್ಷೇತ್ರಕ್ಕೆ ಡಾ.ಕೆ. ನಾಗರಾಜ್ ಅಭ್ಯರ್ಥಿ
ದಾವಣಗೆರೆ:	ಮುಂಬರುವ ಆಗ್ನೇಯ ಶಿಕ್ಷಕರ ಕ್ಷೇತ್ರದ ಚುನಾವಣೆಗೆ ಡಾ.ಕೆ. ನಾಗರಾಜ್ ಅವರನ್ನು ಪಕ್ಷದ ಅಭ್ಯರ್ಥಿಯನ್ನಾಗಿ ಘೋಷಿಸಲಾಗಿದೆ ಎಂದು ಜೆಡಿ(ಯು) ರಾಜ್ಯಾಧ್ಯಕ್ಷ ಮಹಿಮಾ ಜೆ. ಪಟೇಲ್ ತಿಳಿಸಿದರು. ನಗರದ ಪತ್ರಿಕಾಭವನದಲ್ಲಿ ಸುದ್ದಿಗೋಷ್ಠಿಯಲ್ಲಿ ಮಾತನಾಡಿದ ಅವರು, ಪ್ರಸ್ತುತ ಶಿಕ್ಷಕರ ಸಮಸ್ಯೆಗಳನ್ನು ಪರಿಹರಿಸುವಲ್ಲಿ ಜನಪ್ರತಿನಿಧಿಗಳು ವಿಫಲರಾಗಿದ್ದಾರೆ. ಹಳೆಯ ಪಿಂಚಣಿ ಯೋಜನೆ ಜಾರಿ, ಅನುದಾನಿತ ಶಾಲೆಗಳ ಶಿಕ್ಷಕರ ಸಮಸ್ಯೆ ಸೇರಿದಂತೆ ಹಲವು ವಿಷಯಗಳ ಬಗ್ಗೆ ಹೋರಾಟ ನಡೆಸಲಾಗುವುದು. ಶಿಕ್ಷಕರ ಧ್ವನಿಯಾಗಿ ಕೆಲಸ ಮಾಡಲು ನಾಗರಾಜ್ ಸೂಕ್ತ ಅಭ್ಯರ್ಥಿ ಎಂದರು. ಈ ಸಂದರ್ಭದಲ್ಲಿ ಪಕ್ಷದ ಮುಖಂಡರು ಹಾಜರಿದ್ದರು.
ಸರ್ಕಾರಿ ಉದ್ಯೋಗ ಚಿಂತನೆಯಿಂದಿಗೆ ನಮ್ಮ ಪಕ್ಷ ಕಾರ್ಯೋನ್ಮುಖ.
ಮುಂಬರುವ ಆಗ್ನೇಯ ಶಿಕ್ಷಕರ ಕ್ಷೇತ್ರದ ಚುನಾವಣೆಗೆ ಡಾ.ಕೆ. ನಾಗರಾಜ್ ಅವರನ್ನು ಪಕ್ಷದ ಅಭ್ಯರ್ಥಿಯನ್ನಾಗಿ ಘೋಷಿಸಲಾಗಿದೆ ಎಂದು ಜೆಡಿ(ಯು) ರಾಜ್ಯಾಧ್ಯಕ್ಷ ಮಹಿಮಾ ಜೆ. ಪಟೇಲ್ ತಿಳಿಸಿದರು. ನಗರದ ಪತ್ರಿಕಾಭವನದಲ್ಲಿ ಸುದ್ದಿಗೋಷ್ಠಿಯಲ್ಲಿ ಮಾತನಾಡಿದ ಅವರು, ಪ್ರಸ್ತುತ ಶಿಕ್ಷಕರ ಸಮಸ್ಯೆಗಳನ್ನು ಪರಿಹರಿಸುವಲ್ಲಿ ಜನಪ್ರತಿನಿಧಿಗಳು ವಿಫಲರಾಗಿದ್ದಾರೆ. ಹಳೆಯ ಪಿಂಚಣಿ ಯೋಜನೆ ಜಾರಿ, ಅನುದಾನಿತ ಶಾಲೆಗಳ ಶಿಕ್ಷಕರ ಸಮಸ್ಯೆ ಸೇರಿದಂತೆ ಹಲವು ವಿಷಯಗಳ ಬಗ್ಗೆ ಹೋರಾಟ ನಡೆಸಲಾಗುವುದು. ಶಿಕ್ಷಕರ ಧ್ವನಿಯಾಗಿ ಕೆಲಸ ಮಾಡಲು ನಾಗರಾಜ್ ಸೂಕ್ತ ಅಭ್ಯರ್ಥಿ ಎಂದರು. ಈ ಸಂದರ್ಭದಲ್ಲಿ ಪಕ್ಷದ ಮುಖಂಡರು ಹಾಜರಿದ್ದರು.
ಮುಂಬರುವ ಆಗ್ನೇಯ ಶಿಕ್ಷಕರ ಕ್ಷೇತ್ರದ ಚುನಾವಣೆಗೆ ಡಾ.ಕೆ. ನಾಗರಾಜ್ ಅವರನ್ನು ಪಕ್ಷದ ಅಭ್ಯರ್ಥಿಯನ್ನಾಗಿ ಘೋಷಿಸಲಾಗಿದೆ ಎಂದು ಜೆಡಿ(ಯು) ರಾಜ್ಯಾಧ್ಯಕ್ಷ ಮಹಿಮಾ ಜೆ. ಪಟೇಲ್ ತಿಳಿಸಿದರು. ನಗರದ ಪತ್ರಿಕಾಭವನದಲ್ಲಿ ಸುದ್ದಿಗೋಷ್ಠಿಯಲ್ಲಿ ಮಾತನಾಡಿದ ಅವರು, ಪ್ರಸ್ತುತ ಶಿಕ್ಷಕರ ಸಮಸ್ಯೆಗಳನ್ನು ಪರಿಹರಿಸುವಲ್ಲಿ ಜನಪ್ರತಿನಿಧಿಗಳು ವಿಫಲರಾಗಿದ್ದಾರೆ. ಹಳೆಯ ಪಿಂಚಣಿ ಯೋಜನೆ ಜಾರಿ, ಅನುದಾನಿತ ಶಾಲೆಗಳ ಶಿಕ್ಷಕರ ಸಮಸ್ಯೆ ಸೇರಿದಂತೆ ಹಲವು ವಿಷಯಗಳ ಬಗ್ಗೆ ಹೋರಾಟ ನಡೆಸಲಾಗುವುದು. ಶಿಕ್ಷಕರ ಧ್ವನಿಯಾಗಿ ಕೆಲಸ ಮಾಡಲು ನಾಗರಾಜ್ ಸೂಕ್ತ ಅಭ್ಯರ್ಥಿ ಎಂದರು. ಈ ಸಂದರ್ಭದಲ್ಲಿ ಪಕ್ಷದ ಮುಖಂಡರು ಹಾಜರಿದ್ದರು.
